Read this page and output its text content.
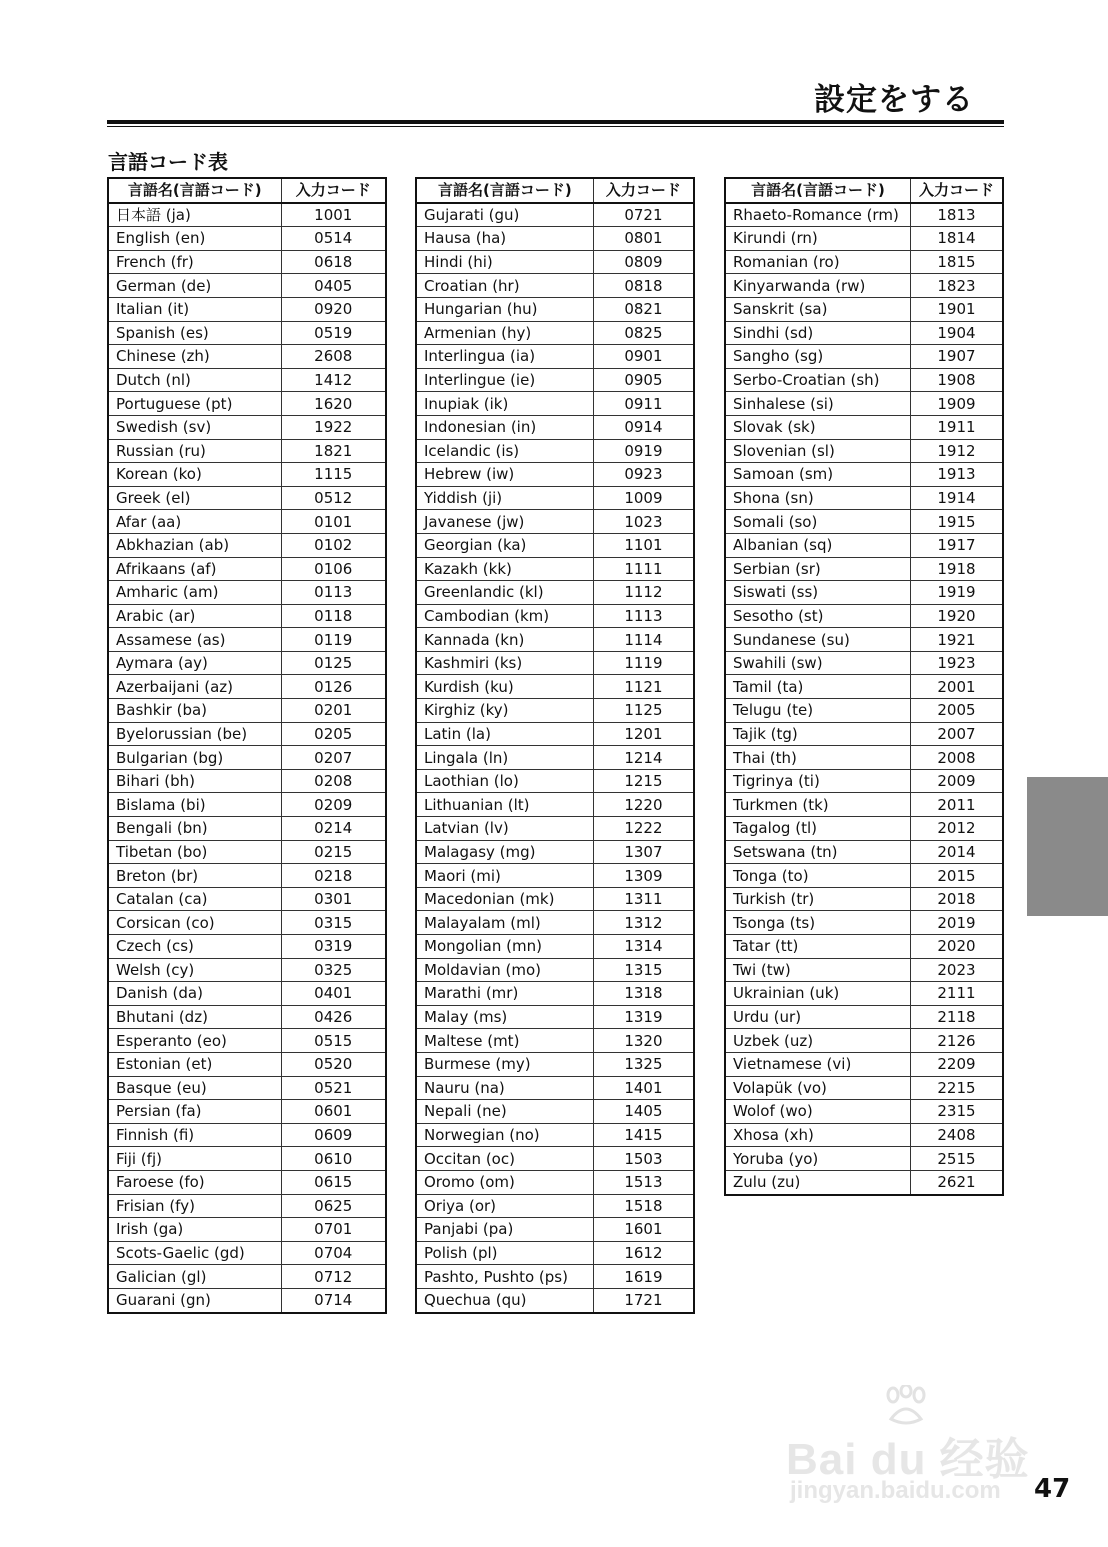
設定をする
言語コード表
言語名(言語コード)	入力コード
日本語 (ja)	1001
English (en)	0514
French (fr)	0618
German (de)	0405
Italian (it)	0920
Spanish (es)	0519
Chinese (zh)	2608
Dutch (nl)	1412
Portuguese (pt)	1620
Swedish (sv)	1922
Russian (ru)	1821
Korean (ko)	1115
Greek (el)	0512
Afar (aa)	0101
Abkhazian (ab)	0102
Afrikaans (af)	0106
Amharic (am)	0113
Arabic (ar)	0118
Assamese (as)	0119
Aymara (ay)	0125
Azerbaijani (az)	0126
Bashkir (ba)	0201
Byelorussian (be)	0205
Bulgarian (bg)	0207
Bihari (bh)	0208
Bislama (bi)	0209
Bengali (bn)	0214
Tibetan (bo)	0215
Breton (br)	0218
Catalan (ca)	0301
Corsican (co)	0315
Czech (cs)	0319
Welsh (cy)	0325
Danish (da)	0401
Bhutani (dz)	0426
Esperanto (eo)	0515
Estonian (et)	0520
Basque (eu)	0521
Persian (fa)	0601
Finnish (fi)	0609
Fiji (fj)	0610
Faroese (fo)	0615
Frisian (fy)	0625
Irish (ga)	0701
Scots-Gaelic (gd)	0704
Galician (gl)	0712
Guarani (gn)	0714
言語名(言語コード)	入力コード
Gujarati (gu)	0721
Hausa (ha)	0801
Hindi (hi)	0809
Croatian (hr)	0818
Hungarian (hu)	0821
Armenian (hy)	0825
Interlingua (ia)	0901
Interlingue (ie)	0905
Inupiak (ik)	0911
Indonesian (in)	0914
Icelandic (is)	0919
Hebrew (iw)	0923
Yiddish (ji)	1009
Javanese (jw)	1023
Georgian (ka)	1101
Kazakh (kk)	1111
Greenlandic (kl)	1112
Cambodian (km)	1113
Kannada (kn)	1114
Kashmiri (ks)	1119
Kurdish (ku)	1121
Kirghiz (ky)	1125
Latin (la)	1201
Lingala (ln)	1214
Laothian (lo)	1215
Lithuanian (lt)	1220
Latvian (lv)	1222
Malagasy (mg)	1307
Maori (mi)	1309
Macedonian (mk)	1311
Malayalam (ml)	1312
Mongolian (mn)	1314
Moldavian (mo)	1315
Marathi (mr)	1318
Malay (ms)	1319
Maltese (mt)	1320
Burmese (my)	1325
Nauru (na)	1401
Nepali (ne)	1405
Norwegian (no)	1415
Occitan (oc)	1503
Oromo (om)	1513
Oriya (or)	1518
Panjabi (pa)	1601
Polish (pl)	1612
Pashto, Pushto (ps)	1619
Quechua (qu)	1721
言語名(言語コード)	入力コード
Rhaeto-Romance (rm)	1813
Kirundi (rn)	1814
Romanian (ro)	1815
Kinyarwanda (rw)	1823
Sanskrit (sa)	1901
Sindhi (sd)	1904
Sangho (sg)	1907
Serbo-Croatian (sh)	1908
Sinhalese (si)	1909
Slovak (sk)	1911
Slovenian (sl)	1912
Samoan (sm)	1913
Shona (sn)	1914
Somali (so)	1915
Albanian (sq)	1917
Serbian (sr)	1918
Siswati (ss)	1919
Sesotho (st)	1920
Sundanese (su)	1921
Swahili (sw)	1923
Tamil (ta)	2001
Telugu (te)	2005
Tajik (tg)	2007
Thai (th)	2008
Tigrinya (ti)	2009
Turkmen (tk)	2011
Tagalog (tl)	2012
Setswana (tn)	2014
Tonga (to)	2015
Turkish (tr)	2018
Tsonga (ts)	2019
Tatar (tt)	2020
Twi (tw)	2023
Ukrainian (uk)	2111
Urdu (ur)	2118
Uzbek (uz)	2126
Vietnamese (vi)	2209
Volapük (vo)	2215
Wolof (wo)	2315
Xhosa (xh)	2408
Yoruba (yo)	2515
Zulu (zu)	2621
Bai du 经验
jingyan.baidu.com 47
